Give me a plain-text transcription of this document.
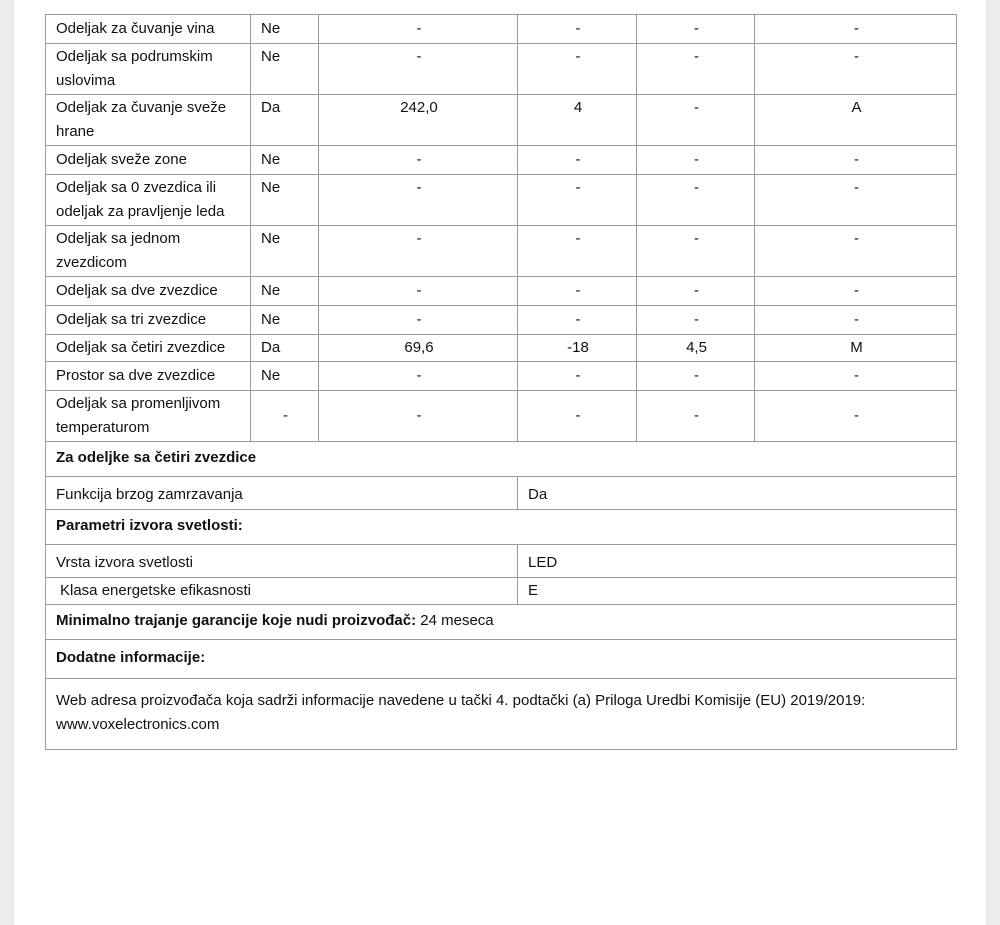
Odeljak za čuvanje vina	Ne	-	-	-	-
Odeljak sa podrumskim uslovima	Ne	-	-	-	-
Odeljak za čuvanje sveže hrane	Da	242,0	4	-	A
Odeljak sveže zone	Ne	-	-	-	-
Odeljak sa 0 zvezdica ili odeljak za pravljenje leda	Ne	-	-	-	-
Odeljak sa jednom zvezdicom	Ne	-	-	-	-
Odeljak sa dve zvezdice	Ne	-	-	-	-
Odeljak sa tri zvezdice	Ne	-	-	-	-
Odeljak sa četiri zvezdice	Da	69,6	-18	4,5	M
Prostor sa dve zvezdice	Ne	-	-	-	-
Odeljak sa promenljivom temperaturom	-	-	-	-	-
Za odeljke sa četiri zvezdice					
Funkcija brzog zamrzavanja			Da		
Parametri izvora svetlosti:					
Vrsta izvora svetlosti			LED		
Klasa energetske efikasnosti			E		
Minimalno trajanje garancije koje nudi proizvođač: 24 meseca					
Dodatne informacije:					
Web adresa proizvođača koja sadrži informacije navedene u tački 4. podtački (a) Priloga Uredbi Komisije (EU) 2019/2019: www.voxelectronics.com					
